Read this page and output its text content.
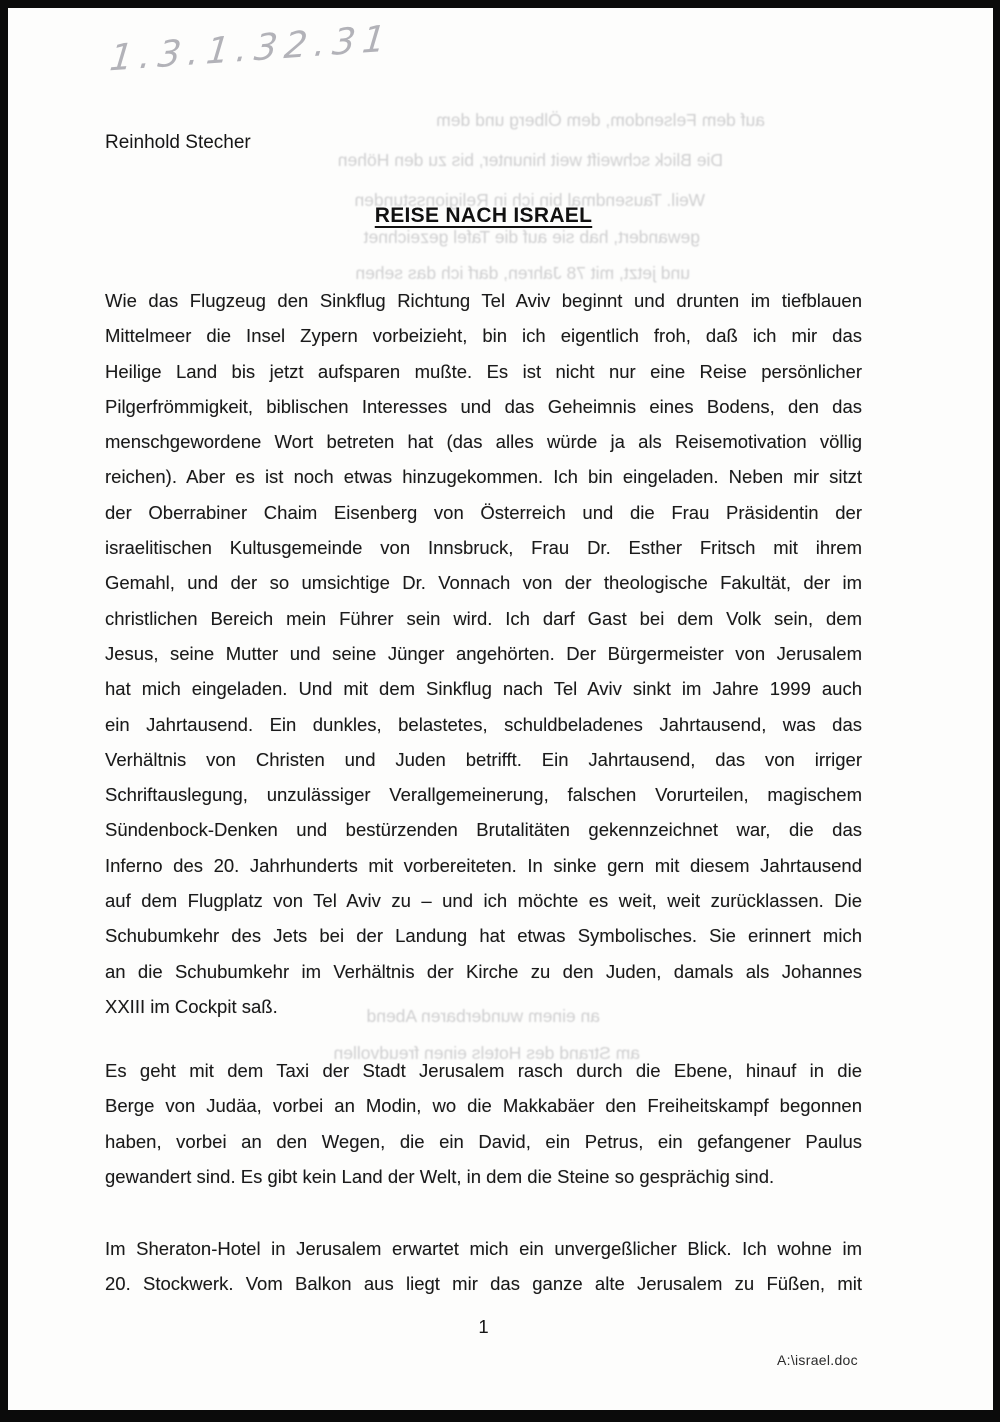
auf dem Felsendom, dem Ölberg und dem
Die Blick schweift weit hinunter, bis zu den Höhen
Weil. Tausendmal bin ich in Religionsstunden
gewandert, hab sie auf die Tafel gezeichnet
und jetzt, mit 78 Jahren, darf ich das sehen
an einem wunderbaren Abend
am Strand des Hotels einen freudvollen
1.3.1.32.31
Reinhold Stecher
REISE NACH ISRAEL
Wie das Flugzeug den Sinkflug Richtung Tel Aviv beginnt und drunten im tiefblauen
Mittelmeer die Insel Zypern vorbeizieht, bin ich eigentlich froh, daß ich mir das
Heilige Land bis jetzt aufsparen mußte. Es ist nicht nur eine Reise persönlicher
Pilgerfrömmigkeit, biblischen Interesses und das Geheimnis eines Bodens, den das
menschgewordene Wort betreten hat (das alles würde ja als Reisemotivation völlig
reichen). Aber es ist noch etwas hinzugekommen. Ich bin eingeladen. Neben mir sitzt
der Oberrabiner Chaim Eisenberg von Österreich und die Frau Präsidentin der
israelitischen Kultusgemeinde von Innsbruck, Frau Dr. Esther Fritsch mit ihrem
Gemahl, und der so umsichtige Dr. Vonnach von der theologische Fakultät, der im
christlichen Bereich mein Führer sein wird. Ich darf Gast bei dem Volk sein, dem
Jesus, seine Mutter und seine Jünger angehörten. Der Bürgermeister von Jerusalem
hat mich eingeladen. Und mit dem Sinkflug nach Tel Aviv sinkt im Jahre 1999 auch
ein Jahrtausend. Ein dunkles, belastetes, schuldbeladenes Jahrtausend, was das
Verhältnis von Christen und Juden betrifft. Ein Jahrtausend, das von irriger
Schriftauslegung, unzulässiger Verallgemeinerung, falschen Vorurteilen, magischem
Sündenbock-Denken und bestürzenden Brutalitäten gekennzeichnet war, die das
Inferno des 20. Jahrhunderts mit vorbereiteten. In sinke gern mit diesem Jahrtausend
auf dem Flugplatz von Tel Aviv zu – und ich möchte es weit, weit zurücklassen. Die
Schubumkehr des Jets bei der Landung hat etwas Symbolisches. Sie erinnert mich
an die Schubumkehr im Verhältnis der Kirche zu den Juden, damals als Johannes
XXIII im Cockpit saß.
Es geht mit dem Taxi der Stadt Jerusalem rasch durch die Ebene, hinauf in die
Berge von Judäa, vorbei an Modin, wo die Makkabäer den Freiheitskampf begonnen
haben, vorbei an den Wegen, die ein David, ein Petrus, ein gefangener Paulus
gewandert sind. Es gibt kein Land der Welt, in dem die Steine so gesprächig sind.
Im Sheraton-Hotel in Jerusalem erwartet mich ein unvergeßlicher Blick. Ich wohne im
20. Stockwerk. Vom Balkon aus liegt mir das ganze alte Jerusalem zu Füßen, mit
1
A:\israel.doc
